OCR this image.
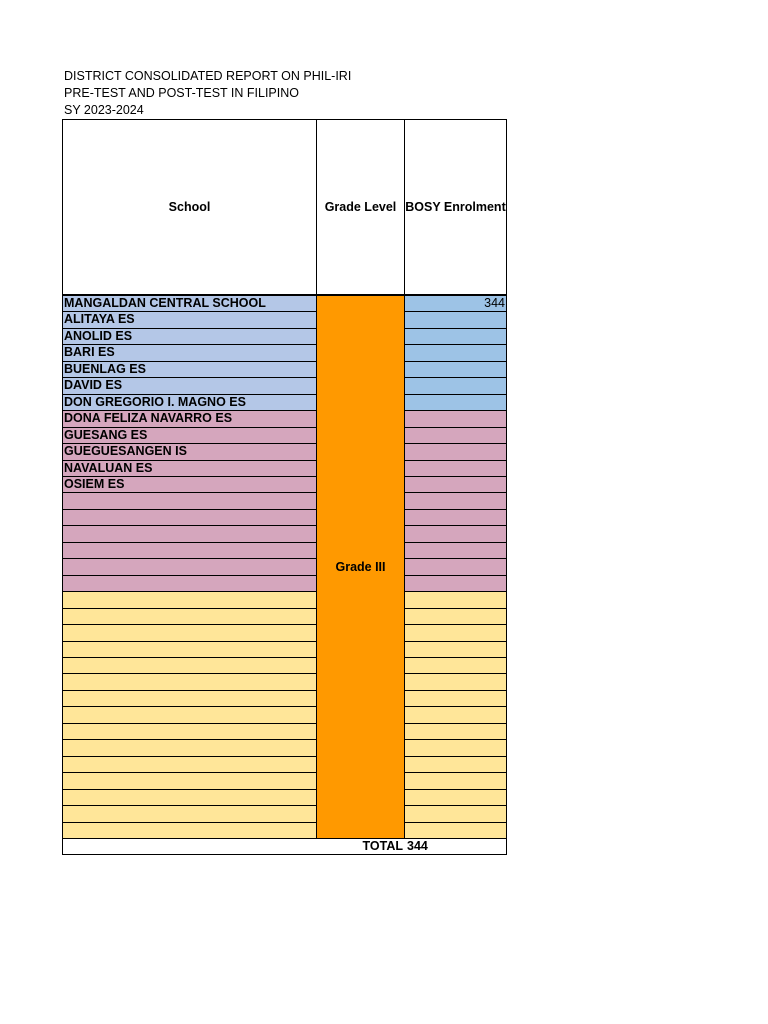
DISTRICT CONSOLIDATED REPORT ON PHIL-IRI
PRE-TEST AND POST-TEST IN FILIPINO
SY 2023-2024
School	Grade Level BOSY Enrolment
MANGALDAN CENTRAL SCHOOL	344
ALITAYA ES
ANOLID ES
BARI ES
BUENLAG ES
DAVID ES
DON GREGORIO I. MAGNO ES
DONA FELIZA NAVARRO ES
GUESANG ES
GUEGUESANGEN IS
NAVALUAN ES
OSIEM ES
Grade III
TOTAL 344
